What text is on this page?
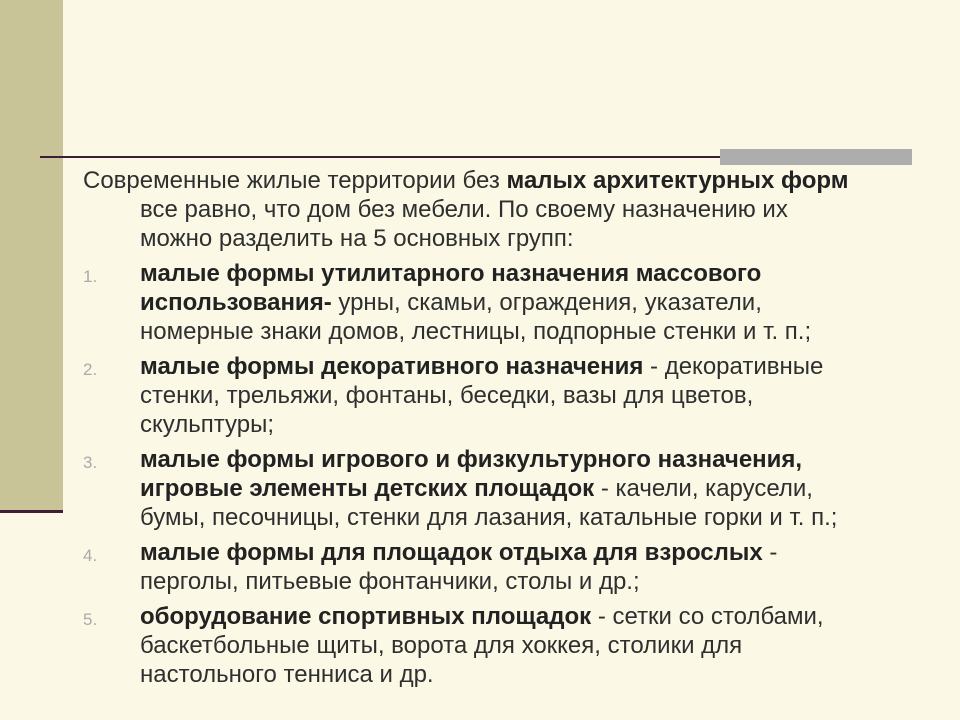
Современные жилые территории без малых архитектурных форм
все равно, что дом без мебели. По своему назначению их
можно разделить на 5 основных групп:
1. малые формы утилитарного назначения массового
использования- урны, скамьи, ограждения, указатели,
номерные знаки домов, лестницы, подпорные стенки и т. п.;
2. малые формы декоративного назначения - декоративные
стенки, трельяжи, фонтаны, беседки, вазы для цветов,
скульптуры;
3. малые формы игрового и физкультурного назначения,
игровые элементы детских площадок - качели, карусели,
бумы, песочницы, стенки для лазания, катальные горки и т. п.;
4. малые формы для площадок отдыха для взрослых -
перголы, питьевые фонтанчики, столы и др.;
5. оборудование спортивных площадок - сетки со столбами,
баскетбольные щиты, ворота для хоккея, столики для
настольного тенниса и др.
